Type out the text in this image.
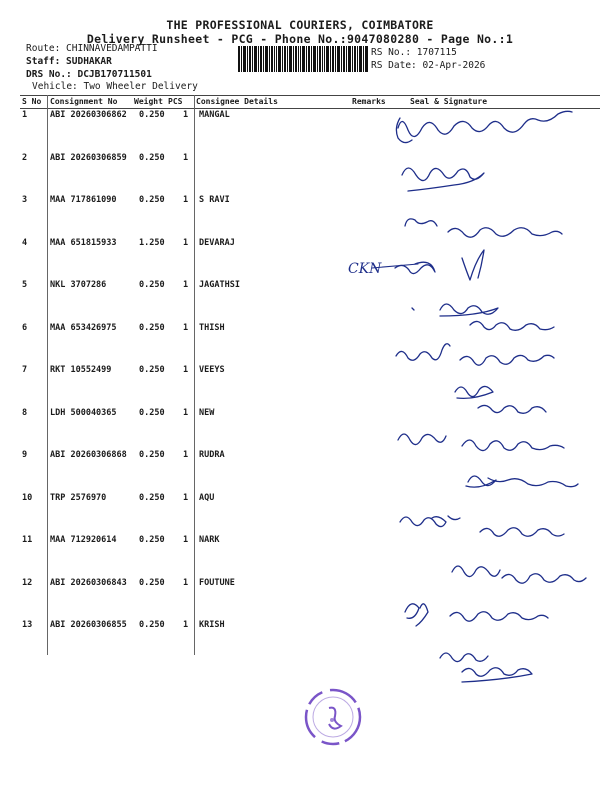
THE PROFESSIONAL COURIERS, COIMBATORE
Delivery Runsheet - PCG - Phone No.:9047080280 - Page No.:1
Route: CHINNAVEDAMPATTI
Staff: SUDHAKAR
DRS No.: DCJB170711501
Vehicle: Two Wheeler Delivery
RS No.: 1707115
RS Date: 02-Apr-2026
S No Consignment No Weight PCS Consignee Details	Remarks	Seal & Signature
1	ABI 20260306862 0.250 1 MANGAL
2	ABI 20260306859 0.250 1
3	MAA 717861090	0.250 1 S RAVI
4	MAA 651815933	1.250 1 DEVARAJ
5	NKL 3707286	0.250 1 JAGATHSI
6	MAA 653426975	0.250 1 THISH
7	RKT 10552499	0.250 1 VEEYS
8	LDH 500040365	0.250 1 NEW
9	ABI 20260306868 0.250 1 RUDRA
10 TRP 2576970	0.250 1 AQU
11 MAA 712920614	0.250 1 NARK
12 ABI 20260306843 0.250 1 FOUTUNE
13 ABI 20260306855 0.250 1 KRISH
CKN
